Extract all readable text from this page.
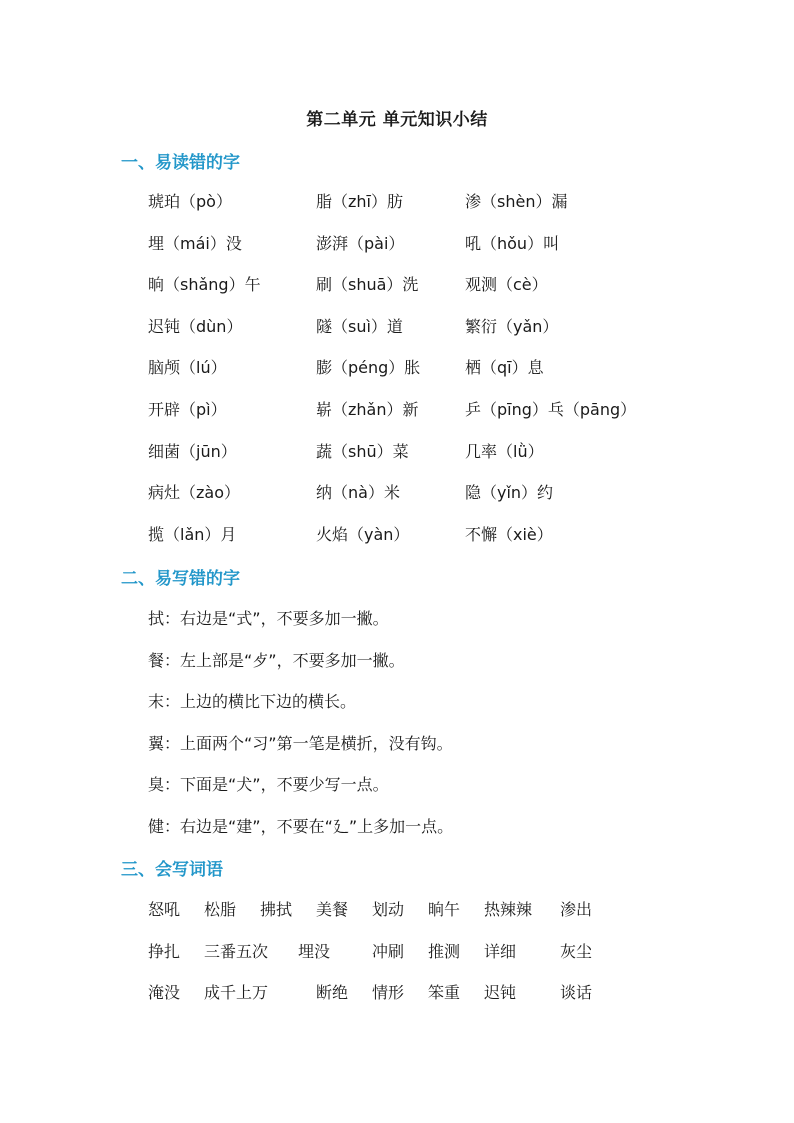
第二单元 单元知识小结
一、易读错的字
琥珀（pò）	脂（zhī）肪	渗（shèn）漏
埋（mái）没	澎湃（pài）	吼（hǒu）叫
晌（shǎng）午	刷（shuā）洗	观测（cè）
迟钝（dùn）	隧（suì）道	繁衍（yǎn）
脑颅（lú）	膨（péng）胀	栖（qī）息
开辟（pì）	崭（zhǎn）新	乒（pīng）乓（pāng）
细菌（jūn）	蔬（shū）菜	几率（lǜ）
病灶（zào）	纳（nà）米	隐（yǐn）约
揽（lǎn）月	火焰（yàn）	不懈（xiè）
二、易写错的字
拭：右边是“式”，不要多加一撇。
餐：左上部是“歺”，不要多加一撇。
末：上边的横比下边的横长。
翼：上面两个“习”第一笔是横折，没有钩。
臭：下面是“犬”，不要少写一点。
健：右边是“建”，不要在“廴”上多加一点。
三、会写词语
怒吼 松脂 拂拭 美餐 划动 晌午 热辣辣 渗出
挣扎 三番五次 埋没	冲刷 推测 详细	灰尘
淹没 成千上万	断绝 情形 笨重 迟钝	谈话
